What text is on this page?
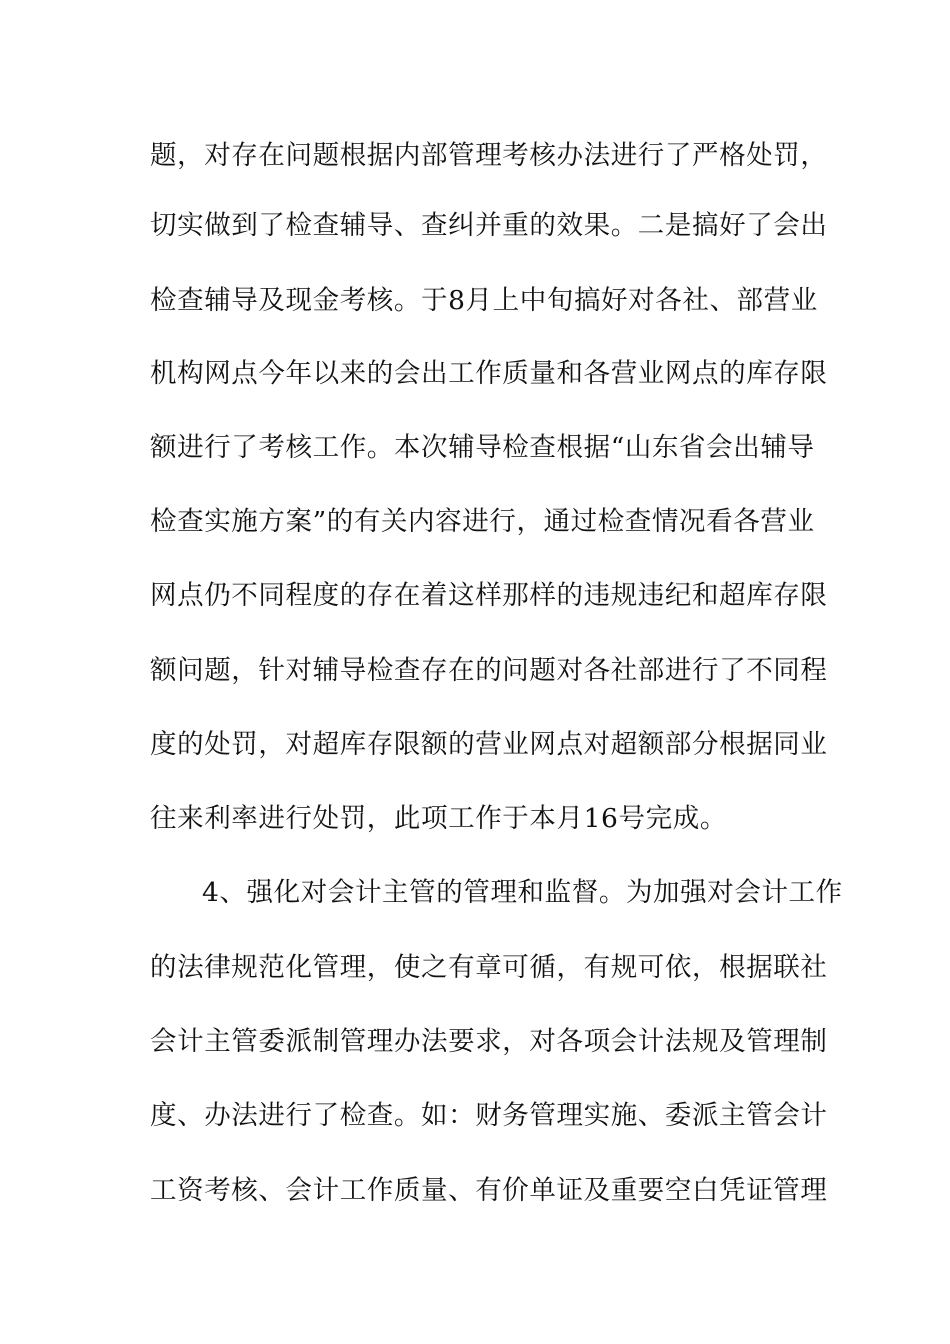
题，对存在问题根据内部管理考核办法进行了严格处罚，
切实做到了检查辅导、查纠并重的效果。二是搞好了会出
检查辅导及现金考核。于8月上中旬搞好对各社、部营业
机构网点今年以来的会出工作质量和各营业网点的库存限
额进行了考核工作。本次辅导检查根据“山东省会出辅导
检查实施方案”的有关内容进行，通过检查情况看各营业
网点仍不同程度的存在着这样那样的违规违纪和超库存限
额问题，针对辅导检查存在的问题对各社部进行了不同程
度的处罚，对超库存限额的营业网点对超额部分根据同业
往来利率进行处罚，此项工作于本月16号完成。
4、强化对会计主管的管理和监督。为加强对会计工作
的法律规范化管理，使之有章可循，有规可依，根据联社
会计主管委派制管理办法要求，对各项会计法规及管理制
度、办法进行了检查。如：财务管理实施、委派主管会计
工资考核、会计工作质量、有价单证及重要空白凭证管理
